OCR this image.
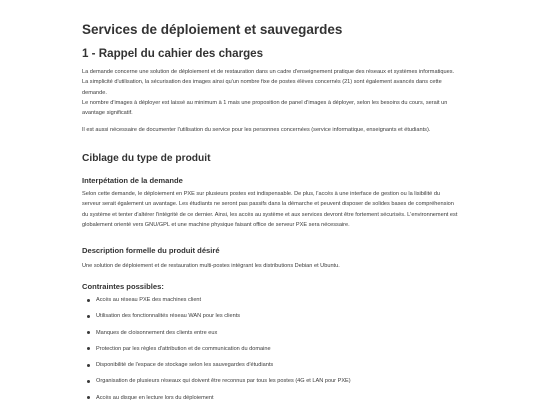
Services de déploiement et sauvegardes
1 - Rappel du cahier des charges

La demande concerne une solution de déploiement et de restauration dans un cadre d'enseignement pratique des réseaux et systèmes informatiques. La simplicité d'utilisation, la sécurisation des images ainsi qu'un nombre fixe de postes élèves concernés (21) sont également avancés dans cette demande.

Le nombre d'images à déployer est laissé au minimum à 1 mais une proposition de panel d'images à déployer, selon les besoins du cours, serait un avantage significatif.

Il est aussi nécessaire de documenter l'utilisation du service pour les personnes concernées (service informatique, enseignants et étudiants).

Ciblage du type de produit
Interpétation de la demande

Selon cette demande, le déploiement en PXE sur plusieurs postes est indispensable. De plus, l'accès à une interface de gestion ou la lisibilité du serveur serait également un avantage. Les étudiants ne seront pas passifs dans la démarche et peuvent disposer de solides bases de compréhension du système et tenter d'altérer l'intégrité de ce dernier. Ainsi, les accès au système et aux services devront être fortement sécurisés. L'environnement est globalement orienté vers GNU/GPL et une machine physique faisant office de serveur PXE sera nécessaire.

Description formelle du produit désiré

Une solution de déploiement et de restauration multi-postes intégrant les distributions Debian et Ubuntu.

Contraintes possibles:
Accès au réseau PXE des machines client
Utilisation des fonctionnalités réseau WAN pour les clients
Manques de cloisonnement des clients entre eux
Protection par les règles d'attribution et de communication du domaine
Disponibilité de l'espace de stockage selon les sauvegardes d'étudiants
Organisation de plusieurs réseaux qui doivent être reconnus par tous les postes (4G et LAN pour PXE)
Accès au disque en lecture lors du déploiement
